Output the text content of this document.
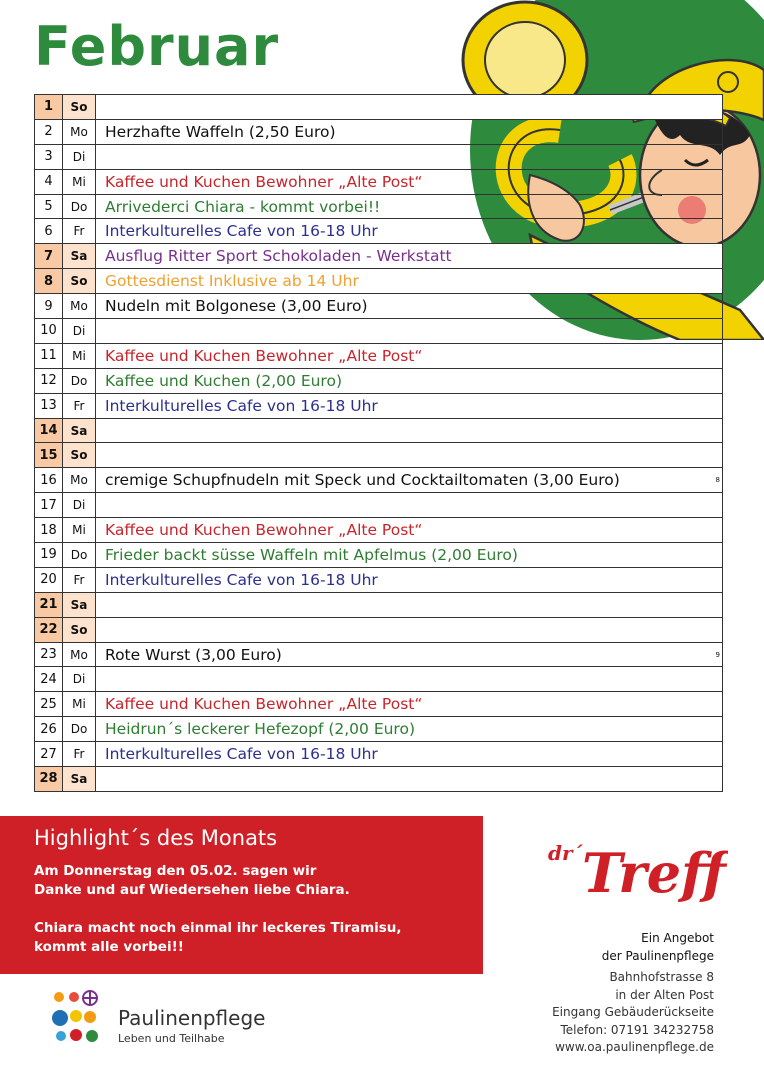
Februar
1	So	
2	Mo	Herzhafte Waffeln (2,50 Euro)
3	Di	
4	Mi	Kaffee und Kuchen Bewohner „Alte Post“
5	Do	Arrivederci Chiara - kommt vorbei!!
6	Fr	Interkulturelles Cafe von 16-18 Uhr
7	Sa	Ausflug Ritter Sport Schokoladen - Werkstatt
8	So	Gottesdienst Inklusive ab 14 Uhr
9	Mo	Nudeln mit Bolgonese (3,00 Euro)
10	Di	
11	Mi	Kaffee und Kuchen Bewohner „Alte Post“
12	Do	Kaffee und Kuchen (2,00 Euro)
13	Fr	Interkulturelles Cafe von 16-18 Uhr
14	Sa	
15	So	
16	Mo	cremige Schupfnudeln mit Speck und Cocktailtomaten (3,00 Euro) 8

17	Di	
18	Mi	Kaffee und Kuchen Bewohner „Alte Post“
19	Do	Frieder backt süsse Waffeln mit Apfelmus (2,00 Euro)
20	Fr	Interkulturelles Cafe von 16-18 Uhr
21	Sa	
22	So	
23	Mo	Rote Wurst (3,00 Euro) 9

24	Di	
25	Mi	Kaffee und Kuchen Bewohner „Alte Post“
26	Do	Heidrun´s leckerer Hefezopf (2,00 Euro)
27	Fr	Interkulturelles Cafe von 16-18 Uhr
28	Sa	
Highlight´s des Monats

Am Donnerstag den 05.02. sagen wir

Danke und auf Wiedersehen liebe Chiara.

Chiara macht noch einmal ihr leckeres Tiramisu,

kommt alle vorbei!!

dr´ Treff
Ein Angebot
der Paulinenpflege
Bahnhofstrasse 8
in der Alten Post
Eingang Gebäuderückseite
Telefon: 07191 34232758
www.oa.paulinenpflege.de
Paulinenpflege
Leben und Teilhabe
